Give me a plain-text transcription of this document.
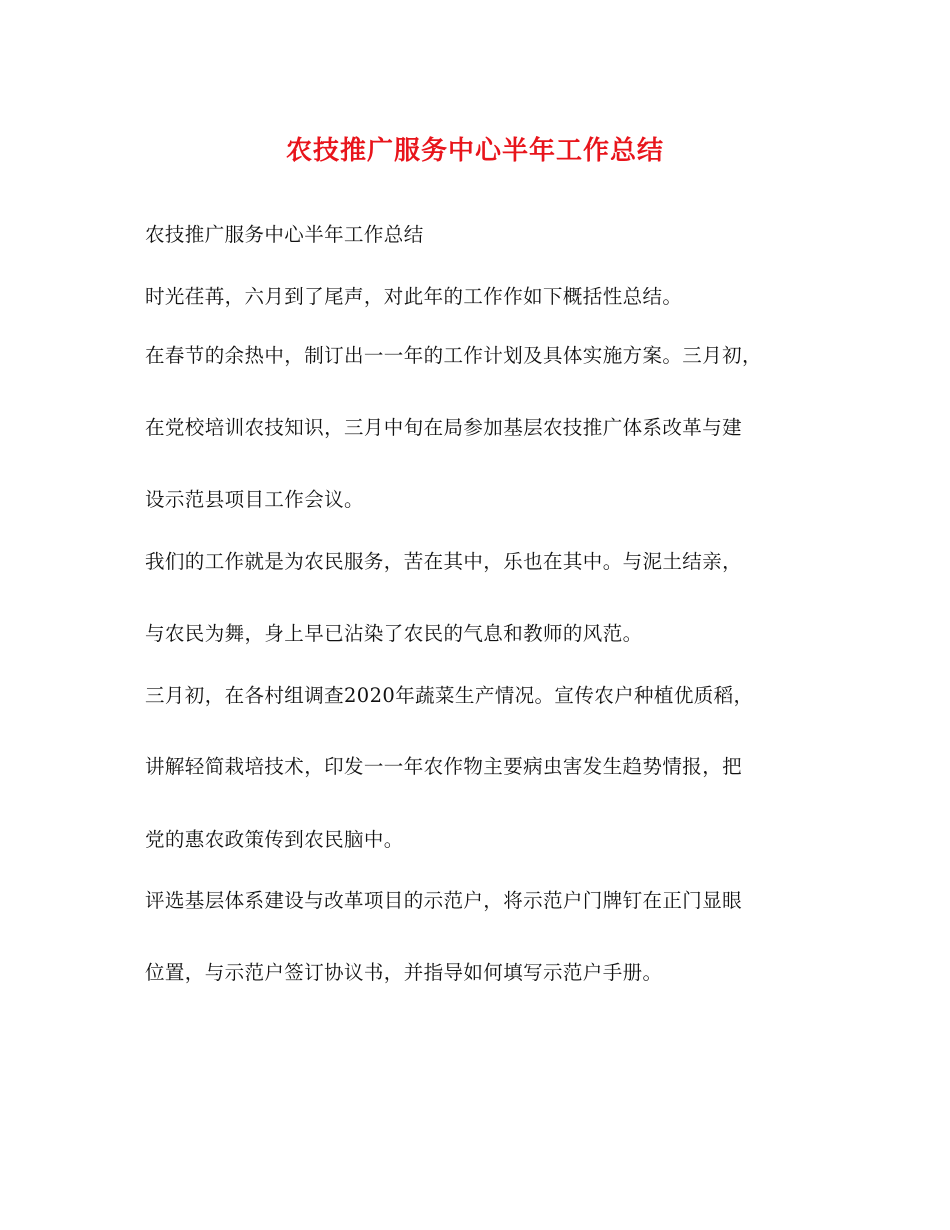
农技推广服务中心半年工作总结

农技推广服务中心半年工作总结

时光荏苒，六月到了尾声，对此年的工作作如下概括性总结。

在春节的余热中，制订出一一年的工作计划及具体实施方案。三月初，

在党校培训农技知识，三月中旬在局参加基层农技推广体系改革与建

设示范县项目工作会议。

我们的工作就是为农民服务，苦在其中，乐也在其中。与泥土结亲，

与农民为舞，身上早已沾染了农民的气息和教师的风范。

三月初，在各村组调查2020年蔬菜生产情况。宣传农户种植优质稻，

讲解轻简栽培技术，印发一一年农作物主要病虫害发生趋势情报，把

党的惠农政策传到农民脑中。

评选基层体系建设与改革项目的示范户，将示范户门牌钉在正门显眼

位置，与示范户签订协议书，并指导如何填写示范户手册。
